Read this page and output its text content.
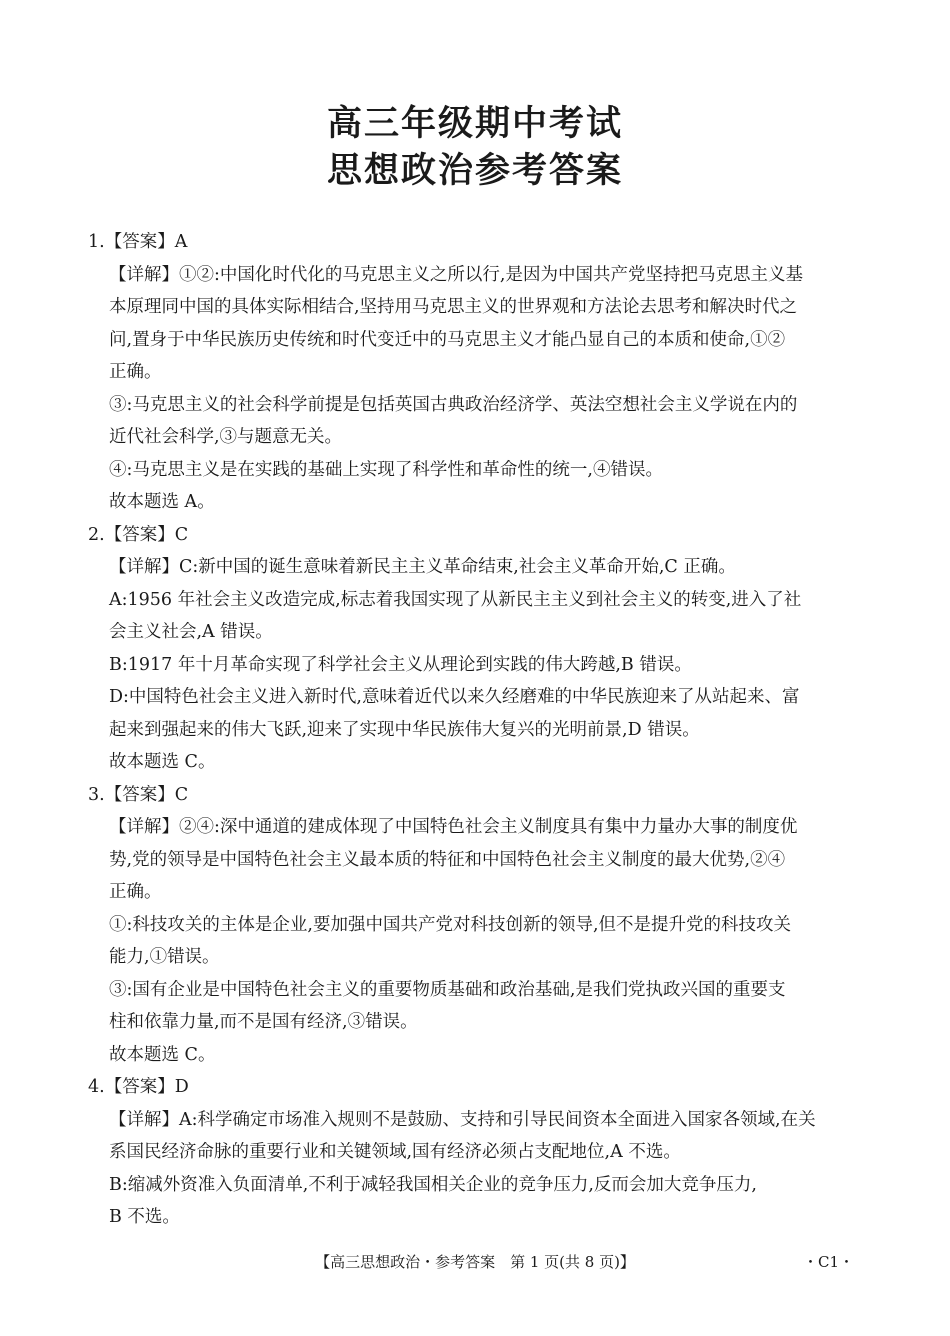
高三年级期中考试
思想政治参考答案
1.【答案】A
【详解】①②:中国化时代化的马克思主义之所以行,是因为中国共产党坚持把马克思主义基
本原理同中国的具体实际相结合,坚持用马克思主义的世界观和方法论去思考和解决时代之
问,置身于中华民族历史传统和时代变迁中的马克思主义才能凸显自己的本质和使命,①②
正确。
③:马克思主义的社会科学前提是包括英国古典政治经济学、英法空想社会主义学说在内的
近代社会科学,③与题意无关。
④:马克思主义是在实践的基础上实现了科学性和革命性的统一,④错误。
故本题选 A。
2.【答案】C
【详解】C:新中国的诞生意味着新民主主义革命结束,社会主义革命开始,C 正确。
A:1956 年社会主义改造完成,标志着我国实现了从新民主主义到社会主义的转变,进入了社
会主义社会,A 错误。
B:1917 年十月革命实现了科学社会主义从理论到实践的伟大跨越,B 错误。
D:中国特色社会主义进入新时代,意味着近代以来久经磨难的中华民族迎来了从站起来、富
起来到强起来的伟大飞跃,迎来了实现中华民族伟大复兴的光明前景,D 错误。
故本题选 C。
3.【答案】C
【详解】②④:深中通道的建成体现了中国特色社会主义制度具有集中力量办大事的制度优
势,党的领导是中国特色社会主义最本质的特征和中国特色社会主义制度的最大优势,②④
正确。
①:科技攻关的主体是企业,要加强中国共产党对科技创新的领导,但不是提升党的科技攻关
能力,①错误。
③:国有企业是中国特色社会主义的重要物质基础和政治基础,是我们党执政兴国的重要支
柱和依靠力量,而不是国有经济,③错误。
故本题选 C。
4.【答案】D
【详解】A:科学确定市场准入规则不是鼓励、支持和引导民间资本全面进入国家各领域,在关
系国民经济命脉的重要行业和关键领域,国有经济必须占支配地位,A 不选。
B:缩减外资准入负面清单,不利于减轻我国相关企业的竞争压力,反而会加大竞争压力,
B 不选。
【高三思想政治・参考答案　第 1 页(共 8 页)】	・C1・
